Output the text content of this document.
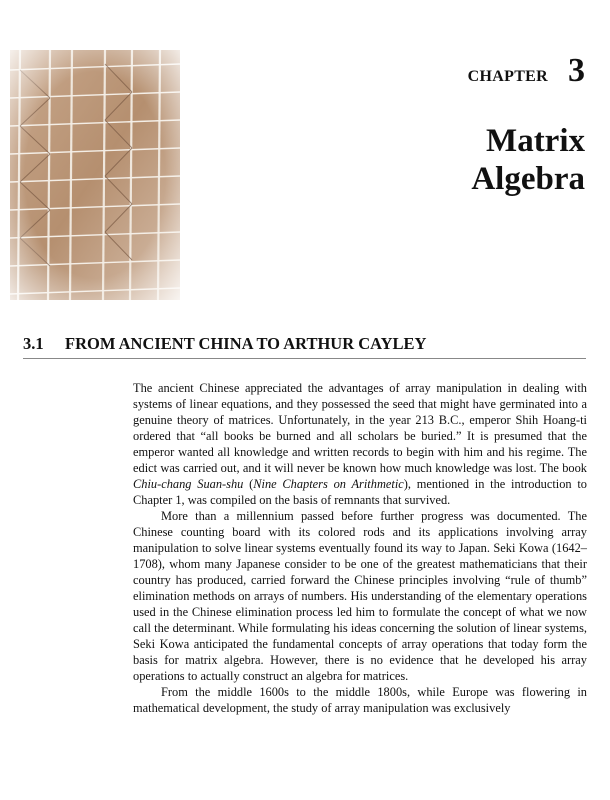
CHAPTER 3
Matrix
Algebra
3.1 FROM ANCIENT CHINA TO ARTHUR CAYLEY

The ancient Chinese appreciated the advantages of array manipulation in dealing with systems of linear equations, and they possessed the seed that might have germinated into a genuine theory of matrices. Unfortunately, in the year 213 B.C., emperor Shih Hoang-ti ordered that “all books be burned and all scholars be buried.” It is presumed that the emperor wanted all knowledge and written records to begin with him and his regime. The edict was carried out, and it will never be known how much knowledge was lost. The book Chiu-chang Suan-shu (Nine Chapters on Arithmetic), mentioned in the introduction to Chapter 1, was compiled on the basis of remnants that survived.

More than a millennium passed before further progress was documented. The Chinese counting board with its colored rods and its applications involving array manipulation to solve linear systems eventually found its way to Japan. Seki Kowa (1642–1708), whom many Japanese consider to be one of the greatest mathematicians that their country has produced, carried forward the Chinese principles involving “rule of thumb” elimination methods on arrays of numbers. His understanding of the elementary operations used in the Chinese elimination process led him to formulate the concept of what we now call the determinant. While formulating his ideas concerning the solution of linear systems, Seki Kowa anticipated the fundamental concepts of array operations that today form the basis for matrix algebra. However, there is no evidence that he developed his array operations to actually construct an algebra for matrices.

From the middle 1600s to the middle 1800s, while Europe was flowering in mathematical development, the study of array manipulation was exclusively
